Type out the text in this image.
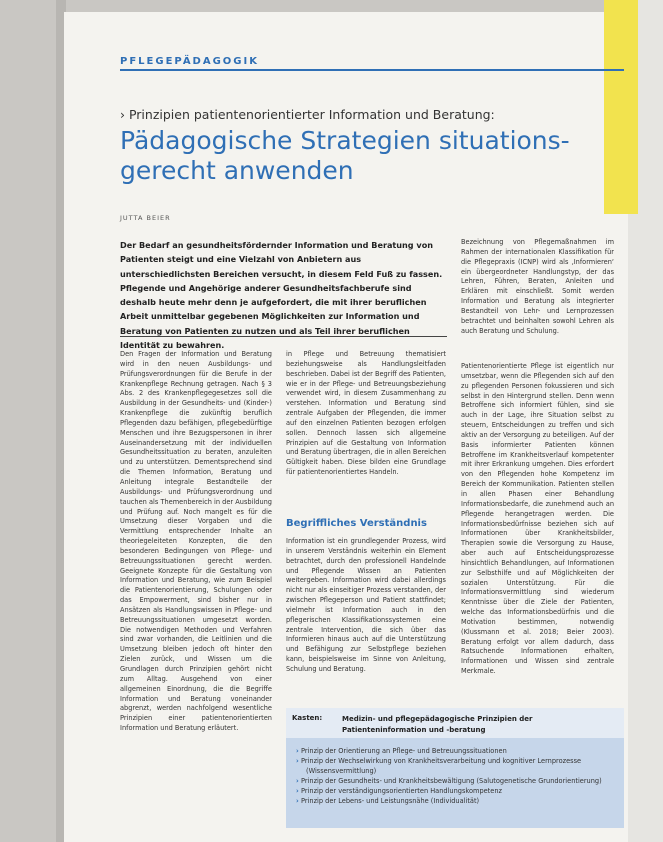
PFLEGEPÄDAGOGIK
› Prinzipien patientenorientierter Information und Beratung:
Pädagogische Strategien situations-gerecht anwenden
JUTTA BEIER
Der Bedarf an gesundheitsfördernder Information und Beratung von Patienten steigt und eine Vielzahl von Anbietern aus unterschiedlichsten Bereichen versucht, in diesem Feld Fuß zu fassen. Pflegende und Angehörige anderer Gesundheitsfachberufe sind deshalb heute mehr denn je aufgefordert, die mit ihrer beruflichen Arbeit unmittelbar gegebenen Möglichkeiten zur Information und Beratung von Patienten zu nutzen und als Teil ihrer beruflichen Identität zu bewahren.
Den Fragen der Information und Beratung wird in den neuen Ausbildungs- und Prüfungsverordnungen für die Berufe in der Krankenpflege Rechnung getragen. Nach § 3 Abs. 2 des Krankenpflegegesetzes soll die Ausbildung in der Gesundheits- und (Kinder-) Krankenpflege die zukünftig beruflich Pflegenden dazu befähigen, pflegebedürftige Menschen und ihre Bezugspersonen in ihrer Auseinandersetzung mit der individuellen Gesundheitssituation zu beraten, anzuleiten und zu unterstützen. Dementsprechend sind die Themen Information, Beratung und Anleitung integrale Bestandteile der Ausbildungs- und Prüfungsverordnung und tauchen als Themenbereich in der Ausbildung und Prüfung auf. Noch mangelt es für die Umsetzung dieser Vorgaben und die Vermittlung entsprechender Inhalte an theoriegeleiteten Konzepten, die den besonderen Bedingungen von Pflege- und Betreuungssituationen gerecht werden. Geeignete Konzepte für die Gestaltung von Information und Beratung, wie zum Beispiel die Patientenorientierung, Schulungen oder das Empowerment, sind bisher nur in Ansätzen als Handlungswissen in Pflege- und Betreuungssituationen umgesetzt worden. Die notwendigen Methoden und Verfahren sind zwar vorhanden, die Leitlinien und die Umsetzung bleiben jedoch oft hinter den Zielen zurück, und Wissen um die Grundlagen durch Prinzipien gehört nicht zum Alltag. Ausgehend von einer allgemeinen Einordnung, die die Begriffe Information und Beratung voneinander abgrenzt, werden nachfolgend wesentliche Prinzipien einer patientenorientierten Information und Beratung erläutert.
in Pflege und Betreuung thematisiert beziehungsweise als Handlungsleitfaden beschrieben. Dabei ist der Begriff des Patienten, wie er in der Pflege- und Betreuungsbeziehung verwendet wird, in diesem Zusammenhang zu verstehen. Information und Beratung sind zentrale Aufgaben der Pflegenden, die immer auf den einzelnen Patienten bezogen erfolgen sollen. Dennoch lassen sich allgemeine Prinzipien auf die Gestaltung von Information und Beratung übertragen, die in allen Bereichen Gültigkeit haben. Diese bilden eine Grundlage für patientenorientiertes Handeln.
Begriffliches Verständnis
Information ist ein grundlegender Prozess, wird in unserem Verständnis weiterhin ein Element betrachtet, durch den professionell Handelnde und Pflegende Wissen an Patienten weitergeben. Information wird dabei allerdings nicht nur als einseitiger Prozess verstanden, der zwischen Pflegeperson und Patient stattfindet; vielmehr ist Information auch in den pflegerischen Klassifikationssystemen eine zentrale Intervention, die sich über das Informieren hinaus auch auf die Unterstützung und Befähigung zur Selbstpflege beziehen kann, beispielsweise im Sinne von Anleitung, Schulung und Beratung.
Bezeichnung von Pflegemaßnahmen im Rahmen der internationalen Klassifikation für die Pflegepraxis (ICNP) wird als ‚Informieren‘ ein übergeordneter Handlungstyp, der das Lehren, Führen, Beraten, Anleiten und Erklären mit einschließt. Somit werden Information und Beratung als integrierter Bestandteil von Lehr- und Lernprozessen betrachtet und beinhalten sowohl Lehren als auch Beratung und Schulung.
Patientenorientierte Pflege ist eigentlich nur umsetzbar, wenn die Pflegenden sich auf den zu pflegenden Personen fokussieren und sich selbst in den Hintergrund stellen. Denn wenn Betroffene sich informiert fühlen, sind sie auch in der Lage, ihre Situation selbst zu steuern, Entscheidungen zu treffen und sich aktiv an der Versorgung zu beteiligen. Auf der Basis informierter Patienten können Betroffene im Krankheitsverlauf kompetenter mit ihrer Erkrankung umgehen. Dies erfordert von den Pflegenden hohe Kompetenz im Bereich der Kommunikation. Patienten stellen in allen Phasen einer Behandlung Informationsbedarfe, die zunehmend auch an Pflegende herangetragen werden. Die Informationsbedürfnisse beziehen sich auf Informationen über Krankheitsbilder, Therapien sowie die Versorgung zu Hause, aber auch auf Entscheidungsprozesse hinsichtlich Behandlungen, auf Informationen zur Selbsthilfe und auf Möglichkeiten der sozialen Unterstützung. Für die Informationsvermittlung sind wiederum Kenntnisse über die Ziele der Patienten, welche das Informationsbedürfnis und die Motivation bestimmen, notwendig (Klussmann et al. 2018; Beier 2003). Beratung erfolgt vor allem dadurch, dass Ratsuchende Informationen erhalten, Informationen und Wissen sind zentrale Merkmale.
Kasten:	Medizin- und pflegepädagogische Prinzipien der Patienteninformation und -beratung
› Prinzip der Orientierung an Pflege- und Betreuungssituationen
› Prinzip der Wechselwirkung von Krankheitsverarbeitung und kognitiver Lernprozesse (Wissensvermittlung)
› Prinzip der Gesundheits- und Krankheitsbewältigung (Salutogenetische Grundorientierung)
› Prinzip der verständigungsorientierten Handlungskompetenz
› Prinzip der Lebens- und Leistungsnähe (Individualität)
